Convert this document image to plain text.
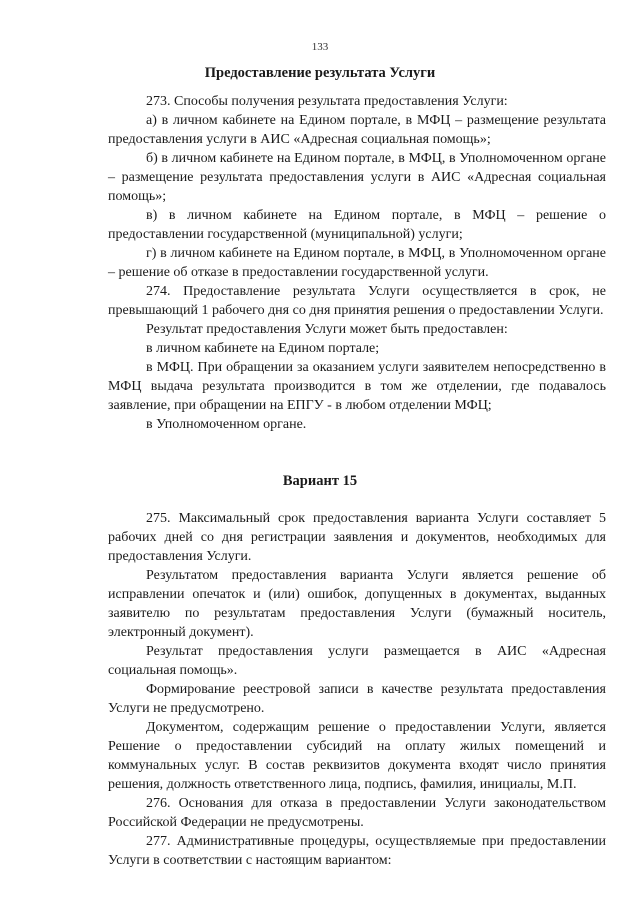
133
Предоставление результата Услуги

273. Способы получения результата предоставления Услуги:

а) в личном кабинете на Едином портале, в МФЦ – размещение результата предоставления услуги в АИС «Адресная социальная помощь»;

б) в личном кабинете на Едином портале, в МФЦ, в Уполномоченном органе – размещение результата предоставления услуги в АИС «Адресная социальная помощь»;

в) в личном кабинете на Едином портале, в МФЦ – решение о предоставлении государственной (муниципальной) услуги;

г) в личном кабинете на Едином портале, в МФЦ, в Уполномоченном органе – решение об отказе в предоставлении государственной услуги.

274. Предоставление результата Услуги осуществляется в срок, не превышающий 1 рабочего дня со дня принятия решения о предоставлении Услуги.

Результат предоставления Услуги может быть предоставлен:

в личном кабинете на Едином портале;

в МФЦ. При обращении за оказанием услуги заявителем непосредственно в МФЦ выдача результата производится в том же отделении, где подавалось заявление, при обращении на ЕПГУ - в любом отделении МФЦ;

в Уполномоченном органе.

Вариант 15

275. Максимальный срок предоставления варианта Услуги составляет 5 рабочих дней со дня регистрации заявления и документов, необходимых для предоставления Услуги.

Результатом предоставления варианта Услуги является решение об исправлении опечаток и (или) ошибок, допущенных в документах, выданных заявителю по результатам предоставления Услуги (бумажный носитель, электронный документ).

Результат предоставления услуги размещается в АИС «Адресная социальная помощь».

Формирование реестровой записи в качестве результата предоставления Услуги не предусмотрено.

Документом, содержащим решение о предоставлении Услуги, является Решение о предоставлении субсидий на оплату жилых помещений и коммунальных услуг. В состав реквизитов документа входят число принятия решения, должность ответственного лица, подпись, фамилия, инициалы, М.П.

276. Основания для отказа в предоставлении Услуги законодательством Российской Федерации не предусмотрены.

277. Административные процедуры, осуществляемые при предоставлении Услуги в соответствии с настоящим вариантом:
